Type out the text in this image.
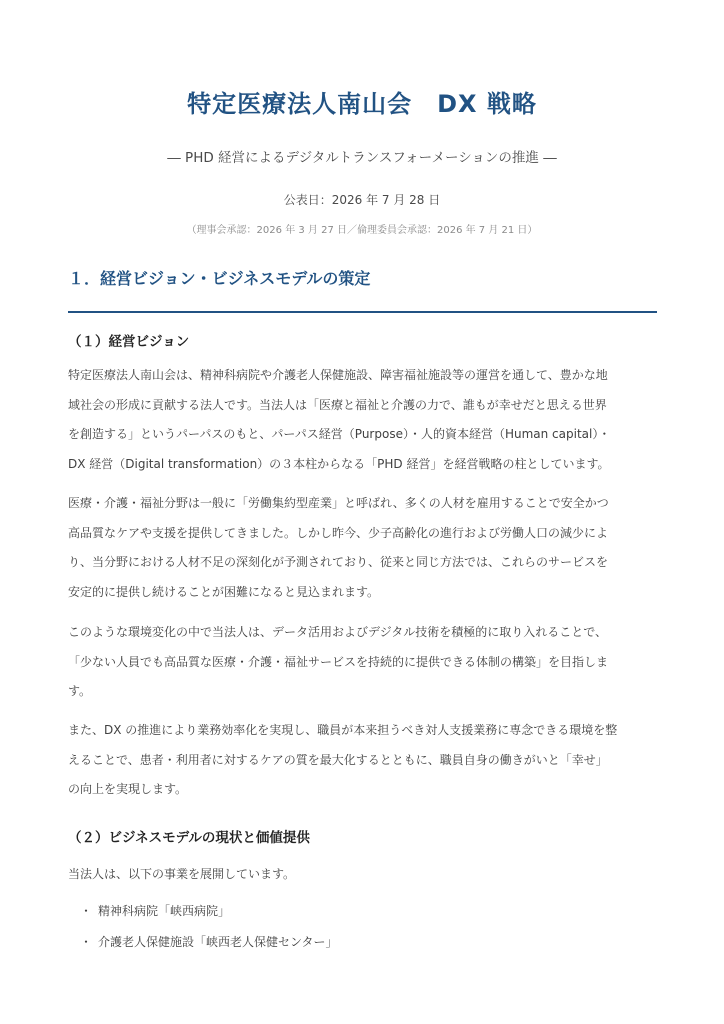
特定医療法人南山会　DX 戦略
― PHD 経営によるデジタルトランスフォーメーションの推進 ―
公表日：2026 年 7 月 28 日
（理事会承認：2026 年 3 月 27 日／倫理委員会承認：2026 年 7 月 21 日）
１．経営ビジョン・ビジネスモデルの策定
（１）経営ビジョン
特定医療法人南山会は、精神科病院や介護老人保健施設、障害福祉施設等の運営を通して、豊かな地
域社会の形成に貢献する法人です。当法人は「医療と福祉と介護の力で、誰もが幸せだと思える世界
を創造する」というパーパスのもと、パーパス経営（Purpose）・人的資本経営（Human capital）・
DX 経営（Digital transformation）の３本柱からなる「PHD 経営」を経営戦略の柱としています。
医療・介護・福祉分野は一般に「労働集約型産業」と呼ばれ、多くの人材を雇用することで安全かつ
高品質なケアや支援を提供してきました。しかし昨今、少子高齢化の進行および労働人口の減少によ
り、当分野における人材不足の深刻化が予測されており、従来と同じ方法では、これらのサービスを
安定的に提供し続けることが困難になると見込まれます。
このような環境変化の中で当法人は、データ活用およびデジタル技術を積極的に取り入れることで、
「少ない人員でも高品質な医療・介護・福祉サービスを持続的に提供できる体制の構築」を目指しま
す。
また、DX の推進により業務効率化を実現し、職員が本来担うべき対人支援業務に専念できる環境を整
えることで、患者・利用者に対するケアの質を最大化するとともに、職員自身の働きがいと「幸せ」
の向上を実現します。
（２）ビジネスモデルの現状と価値提供
当法人は、以下の事業を展開しています。
・ 精神科病院「峡西病院」
・ 介護老人保健施設「峡西老人保健センター」
